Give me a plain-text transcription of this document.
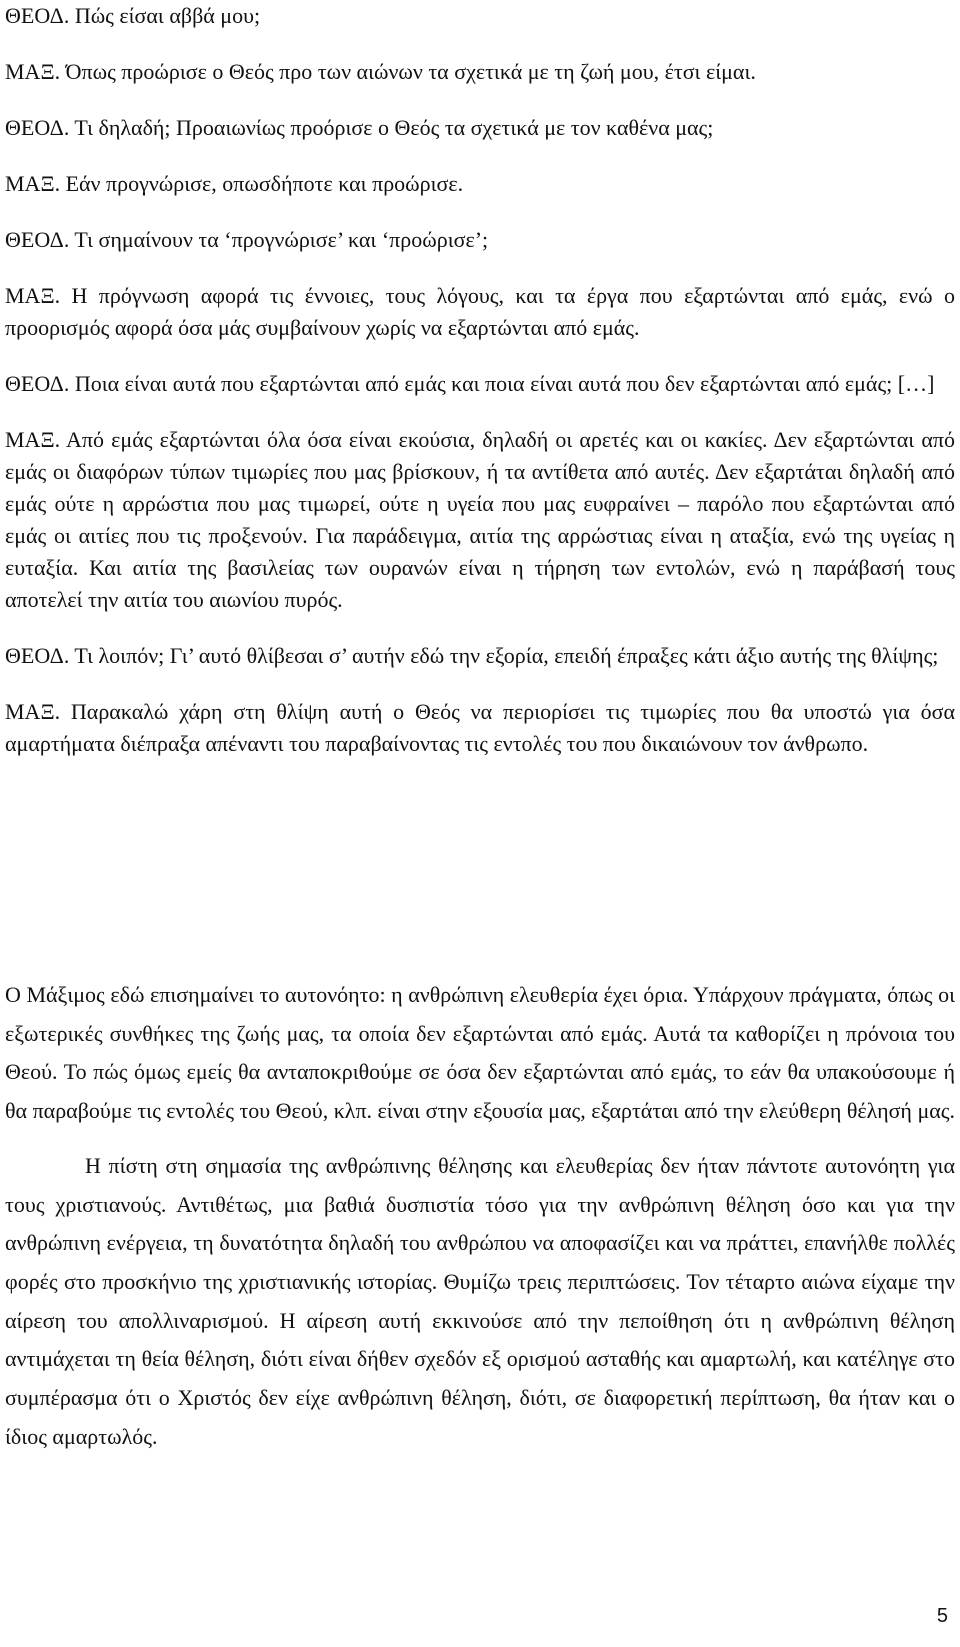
ΘΕΟΔ. Πώς είσαι αββά μου;

ΜΑΞ. Όπως προώρισε ο Θεός προ των αιώνων τα σχετικά με τη ζωή μου, έτσι είμαι.

ΘΕΟΔ. Τι δηλαδή; Προαιωνίως προόρισε ο Θεός τα σχετικά με τον καθένα μας;

ΜΑΞ. Εάν προγνώρισε, οπωσδήποτε και προώρισε.

ΘΕΟΔ. Τι σημαίνουν τα ‘προγνώρισε’ και ‘προώρισε’;

ΜΑΞ. Η πρόγνωση αφορά τις έννοιες, τους λόγους, και τα έργα που εξαρτώνται από εμάς, ενώ ο προορισμός αφορά όσα μάς συμβαίνουν χωρίς να εξαρτώνται από εμάς.

ΘΕΟΔ. Ποια είναι αυτά που εξαρτώνται από εμάς και ποια είναι αυτά που δεν εξαρτώνται από εμάς; […]

ΜΑΞ. Από εμάς εξαρτώνται όλα όσα είναι εκούσια, δηλαδή οι αρετές και οι κακίες. Δεν εξαρτώνται από εμάς οι διαφόρων τύπων τιμωρίες που μας βρίσκουν, ή τα αντίθετα από αυτές. Δεν εξαρτάται δηλαδή από εμάς ούτε η αρρώστια που μας τιμωρεί, ούτε η υγεία που μας ευφραίνει – παρόλο που εξαρτώνται από εμάς οι αιτίες που τις προξενούν. Για παράδειγμα, αιτία της αρρώστιας είναι η αταξία, ενώ της υγείας η ευταξία. Και αιτία της βασιλείας των ουρανών είναι η τήρηση των εντολών, ενώ η παράβασή τους αποτελεί την αιτία του αιωνίου πυρός.

ΘΕΟΔ. Τι λοιπόν; Γι’ αυτό θλίβεσαι σ’ αυτήν εδώ την εξορία, επειδή έπραξες κάτι άξιο αυτής της θλίψης;

ΜΑΞ. Παρακαλώ χάρη στη θλίψη αυτή ο Θεός να περιορίσει τις τιμωρίες που θα υποστώ για όσα αμαρτήματα διέπραξα απέναντι του παραβαίνοντας τις εντολές του που δικαιώνουν τον άνθρωπο.

Ο Μάξιμος εδώ επισημαίνει το αυτονόητο: η ανθρώπινη ελευθερία έχει όρια. Υπάρχουν πράγματα, όπως οι εξωτερικές συνθήκες της ζωής μας, τα οποία δεν εξαρτώνται από εμάς. Αυτά τα καθορίζει η πρόνοια του Θεού. Το πώς όμως εμείς θα ανταποκριθούμε σε όσα δεν εξαρτώνται από εμάς, το εάν θα υπακούσουμε ή θα παραβούμε τις εντολές του Θεού, κλπ. είναι στην εξουσία μας, εξαρτάται από την ελεύθερη θέλησή μας.

Η πίστη στη σημασία της ανθρώπινης θέλησης και ελευθερίας δεν ήταν πάντοτε αυτονόητη για τους χριστιανούς. Αντιθέτως, μια βαθιά δυσπιστία τόσο για την ανθρώπινη θέληση όσο και για την ανθρώπινη ενέργεια, τη δυνατότητα δηλαδή του ανθρώπου να αποφασίζει και να πράττει, επανήλθε πολλές φορές στο προσκήνιο της χριστιανικής ιστορίας. Θυμίζω τρεις περιπτώσεις. Τον τέταρτο αιώνα είχαμε την αίρεση του απολλιναρισμού. Η αίρεση αυτή εκκινούσε από την πεποίθηση ότι η ανθρώπινη θέληση αντιμάχεται τη θεία θέληση, διότι είναι δήθεν σχεδόν εξ ορισμού ασταθής και αμαρτωλή, και κατέληγε στο συμπέρασμα ότι ο Χριστός δεν είχε ανθρώπινη θέληση, διότι, σε διαφορετική περίπτωση, θα ήταν και ο ίδιος αμαρτωλός.

5
